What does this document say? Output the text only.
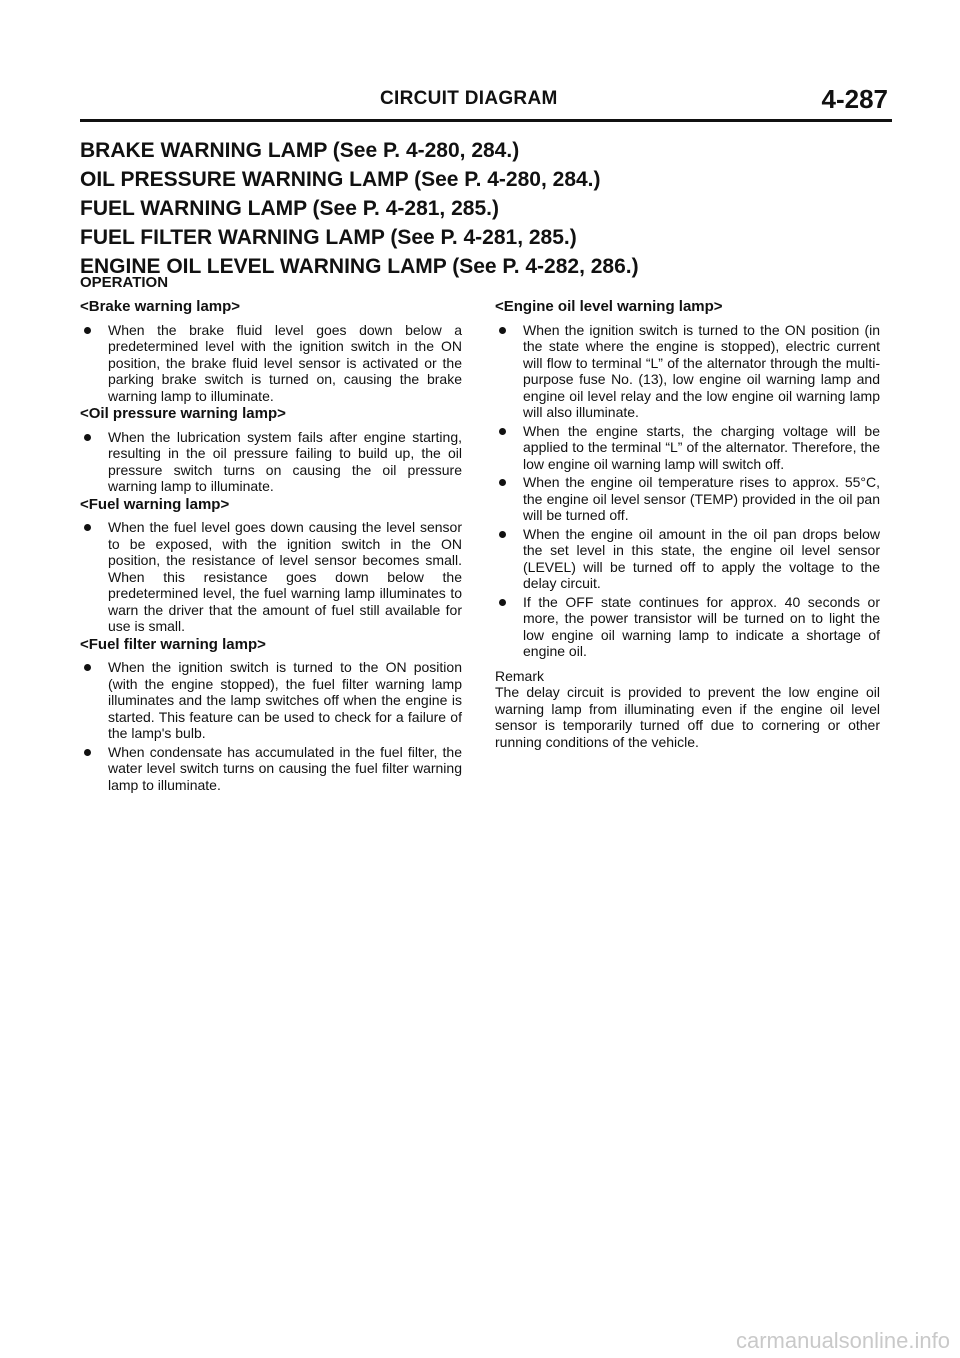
CIRCUIT DIAGRAM	4-287
BRAKE WARNING LAMP (See P. 4-280, 284.)
OIL PRESSURE WARNING LAMP (See P. 4-280, 284.)
FUEL WARNING LAMP (See P. 4-281, 285.)
FUEL FILTER WARNING LAMP (See P. 4-281, 285.)
ENGINE OIL LEVEL WARNING LAMP (See P. 4-282, 286.)
OPERATION
<Brake warning lamp>
When the brake fluid level goes down below a predetermined level with the ignition switch in the ON position, the brake fluid level sensor is activated or the parking brake switch is turned on, causing the brake warning lamp to illuminate.
<Oil pressure warning lamp>
When the lubrication system fails after engine starting, resulting in the oil pressure failing to build up, the oil pressure switch turns on causing the oil pressure warning lamp to illuminate.
<Fuel warning lamp>
When the fuel level goes down causing the level sensor to be exposed, with the ignition switch in the ON position, the resistance of level sensor becomes small. When this resistance goes down below the predetermined level, the fuel warning lamp illuminates to warn the driver that the amount of fuel still available for use is small.
<Fuel filter warning lamp>
When the ignition switch is turned to the ON position (with the engine stopped), the fuel filter warning lamp illuminates and the lamp switches off when the engine is started. This feature can be used to check for a failure of the lamp's bulb.
When condensate has accumulated in the fuel filter, the water level switch turns on causing the fuel filter warning lamp to illuminate.
<Engine oil level warning lamp>
When the ignition switch is turned to the ON position (in the state where the engine is stopped), electric current will flow to terminal “L” of the alternator through the multi-purpose fuse No. (13), low engine oil warning lamp and engine oil level relay and the low engine oil warning lamp will also illuminate.
When the engine starts, the charging voltage will be applied to the terminal “L” of the alternator. Therefore, the low engine oil warning lamp will switch off.
When the engine oil temperature rises to approx. 55°C, the engine oil level sensor (TEMP) provided in the oil pan will be turned off.
When the engine oil amount in the oil pan drops below the set level in this state, the engine oil level sensor (LEVEL) will be turned off to apply the voltage to the delay circuit.
If the OFF state continues for approx. 40 seconds or more, the power transistor will be turned on to light the low engine oil warning lamp to indicate a shortage of engine oil.
Remark
The delay circuit is provided to prevent the low engine oil warning lamp from illuminating even if the engine oil level sensor is temporarily turned off due to cornering or other running conditions of the vehicle.
carmanualsonline.info
